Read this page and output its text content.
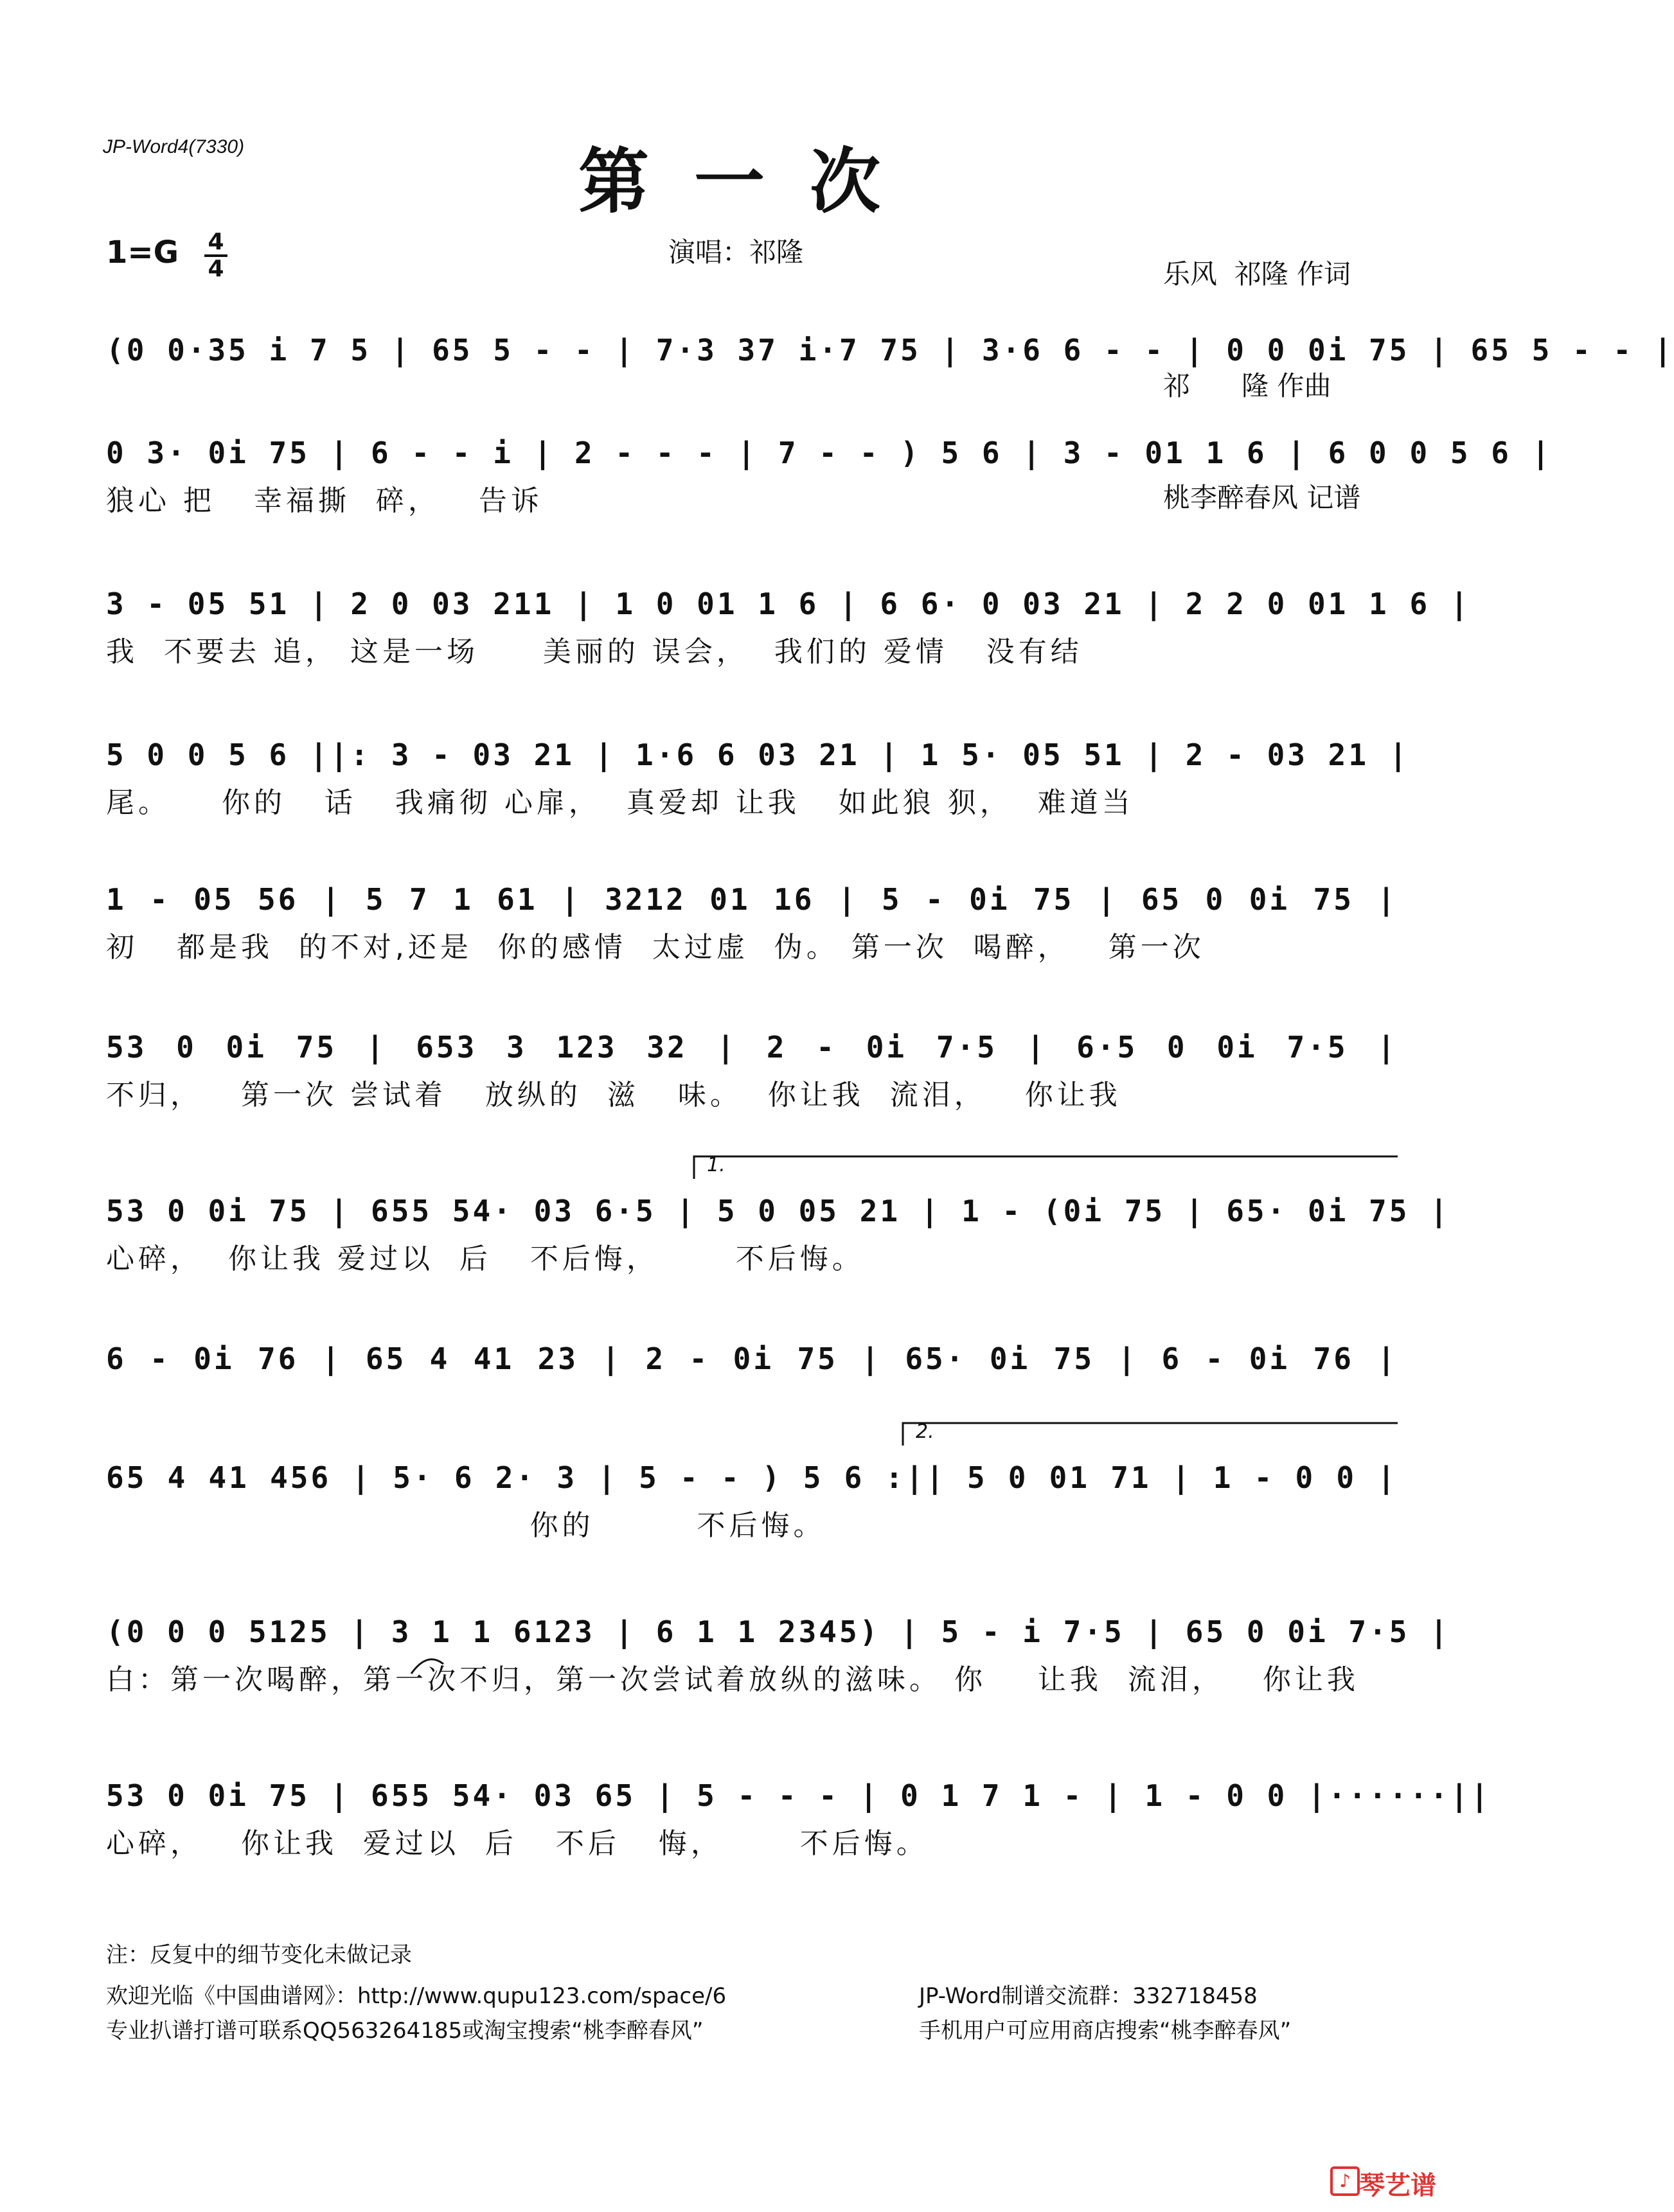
JP-Word4(7330)	第一次
1=G 4
4
演唱：祁隆

乐风  祁隆 作词

祁      隆 作曲

桃李醉春风 记谱

(0 0·35 i 7 5 | 65 5 - - | 7·3 37 i·7 75 | 3·6 6 - - | 0 0 0i 75 | 65 5 - - |
0 3· 0i 75 | 6 - - i | 2 - - - | 7 - - ) 5 6 | 3 - 01 1 6 | 6 0 0 5 6 |
狼心 把   幸福撕  碎，   告诉
3 - 05 51 | 2 0 03 211 | 1 0 01 1 6 | 6 6· 0 03 21 | 2 2 0 01 1 6 |
我  不要去 追， 这是一场     美丽的 误会，  我们的 爱情   没有结
5 0 0 5 6 ||: 3 - 03 21 | 1·6 6 03 21 | 1 5· 05 51 | 2 - 03 21 |
尾。    你的   话   我痛彻 心扉，  真爱却 让我   如此狼 狈，  难道当
1 - 05 56 | 5 7 1 61 | 3212 01 16 | 5 - 0i 75 | 65 0 0i 75 |
初   都是我  的不对,还是  你的感情  太过虚  伪。 第一次  喝醉，   第一次
53 0 0i 75 | 653 3 123 32 | 2 - 0i 7·5 | 6·5 0 0i 7·5 |
不归，   第一次 尝试着   放纵的  滋   味。  你让我  流泪，   你让我
53 0 0i 75 | 655 54· 03 6·5 | 5 0 05 21 | 1 - (0i 75 | 65· 0i 75 |
心碎，  你让我 爱过以  后   不后悔，      不后悔。
6 - 0i 76 | 65 4 41 23 | 2 - 0i 75 | 65· 0i 75 | 6 - 0i 76 |
65 4 41 456 | 5· 6 2· 3 | 5 - - ) 5 6 :|| 5 0 01 71 | 1 - 0 0 |
你的        不后悔。
(0 0 0 5125 | 3 1 1 6123 | 6 1 1 2345) | 5 - i 7·5 | 65 0 0i 7·5 |
白：第一次喝醉，第一次不归，第一次尝试着放纵的滋味。 你    让我  流泪，   你让我
53 0 0i 75 | 655 54· 03 65 | 5 - - - | 0 1 7 1 - | 1 - 0 0 |······||
心碎，   你让我  爱过以  后   不后   悔，      不后悔。
1.
2.
注：反复中的细节变化未做记录
欢迎光临《中国曲谱网》：http://www.qupu123.com/space/6
专业扒谱打谱可联系QQ563264185或淘宝搜索“桃李醉春风”
JP-Word制谱交流群：332718458
手机用户可应用商店搜索“桃李醉春风”
♪ 琴艺谱
